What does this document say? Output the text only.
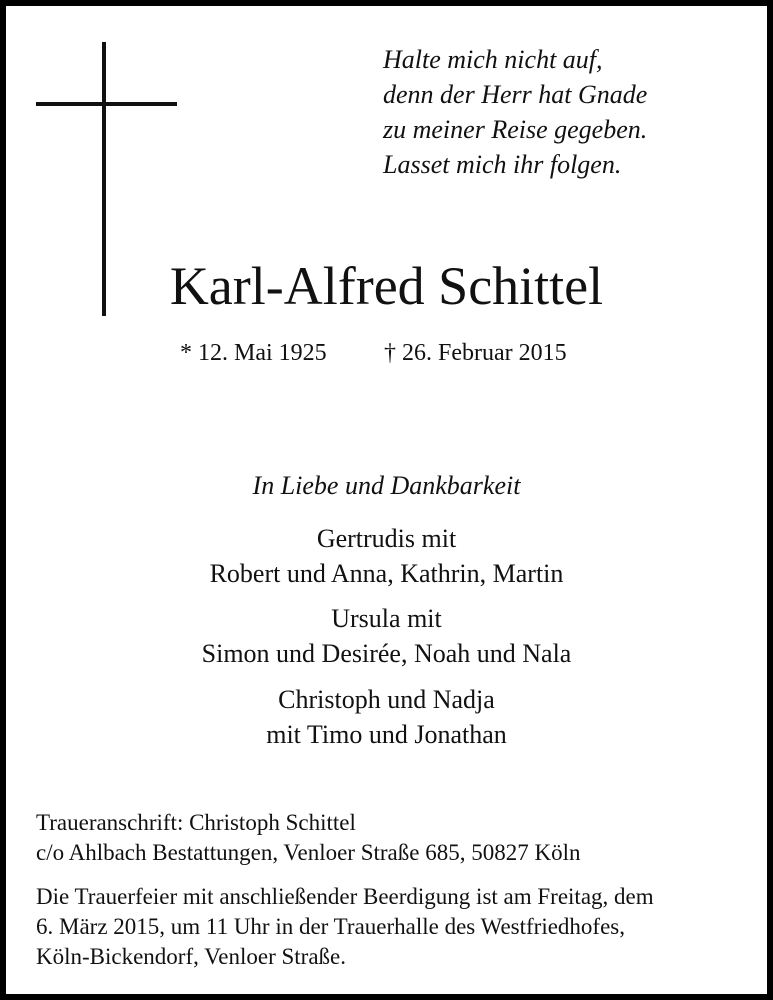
Halte mich nicht auf,
denn der Herr hat Gnade
zu meiner Reise gegeben.
Lasset mich ihr folgen.
Karl-Alfred Schittel
* 12. Mai 1925 † 26. Februar 2015
In Liebe und Dankbarkeit
Gertrudis mit
Robert und Anna, Kathrin, Martin
Ursula mit
Simon und Desirée, Noah und Nala
Christoph und Nadja
mit Timo und Jonathan
Traueranschrift: Christoph Schittel
c/o Ahlbach Bestattungen, Venloer Straße 685, 50827 Köln
Die Trauerfeier mit anschließender Beerdigung ist am Freitag, dem
6. März 2015, um 11 Uhr in der Trauerhalle des Westfriedhofes,
Köln-Bickendorf, Venloer Straße.
